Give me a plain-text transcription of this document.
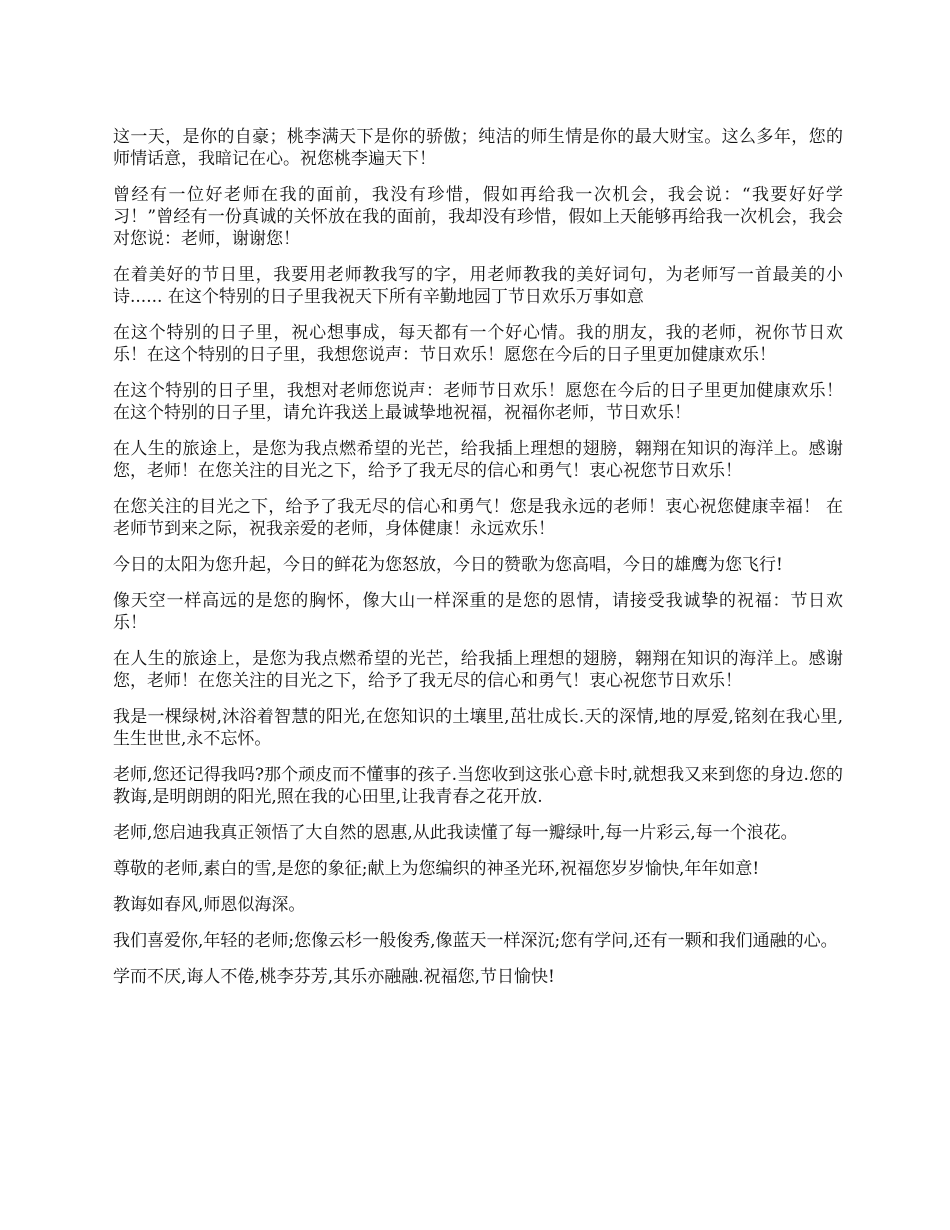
这一天，是你的自豪；桃李满天下是你的骄傲；纯洁的师生情是你的最大财宝。这么多年，您的师情话意，我暗记在心。祝您桃李遍天下！

曾经有一位好老师在我的面前，我没有珍惜，假如再给我一次机会，我会说：“我要好好学习！”曾经有一份真诚的关怀放在我的面前，我却没有珍惜，假如上天能够再给我一次机会，我会对您说：老师，谢谢您！

在着美好的节日里，我要用老师教我写的字，用老师教我的美好词句，为老师写一首最美的小诗...... 在这个特别的日子里我祝天下所有辛勤地园丁节日欢乐万事如意

在这个特别的日子里，祝心想事成，每天都有一个好心情。我的朋友，我的老师，祝你节日欢乐！在这个特别的日子里，我想您说声：节日欢乐！愿您在今后的日子里更加健康欢乐！

在这个特别的日子里，我想对老师您说声：老师节日欢乐！愿您在今后的日子里更加健康欢乐！在这个特别的日子里，请允许我送上最诚挚地祝福，祝福你老师，节日欢乐！

在人生的旅途上，是您为我点燃希望的光芒，给我插上理想的翅膀，翱翔在知识的海洋上。感谢您，老师！在您关注的目光之下，给予了我无尽的信心和勇气！衷心祝您节日欢乐！

在您关注的目光之下，给予了我无尽的信心和勇气！您是我永远的老师！衷心祝您健康幸福！ 在老师节到来之际，祝我亲爱的老师，身体健康！永远欢乐！

今日的太阳为您升起，今日的鲜花为您怒放，今日的赞歌为您高唱，今日的雄鹰为您飞行!

像天空一样高远的是您的胸怀，像大山一样深重的是您的恩情，请接受我诚挚的祝福：节日欢乐！

在人生的旅途上，是您为我点燃希望的光芒，给我插上理想的翅膀，翱翔在知识的海洋上。感谢您，老师！在您关注的目光之下，给予了我无尽的信心和勇气！衷心祝您节日欢乐！

我是一棵绿树,沐浴着智慧的阳光,在您知识的土壤里,茁壮成长.天的深情,地的厚爱,铭刻在我心里,生生世世,永不忘怀。

老师,您还记得我吗?那个顽皮而不懂事的孩子.当您收到这张心意卡时,就想我又来到您的身边.您的教诲,是明朗朗的阳光,照在我的心田里,让我青春之花开放.

老师,您启迪我真正领悟了大自然的恩惠,从此我读懂了每一瓣绿叶,每一片彩云,每一个浪花。

尊敬的老师,素白的雪,是您的象征;献上为您编织的神圣光环,祝福您岁岁愉快,年年如意!

教诲如春风,师恩似海深。

我们喜爱你,年轻的老师;您像云杉一般俊秀,像蓝天一样深沉;您有学问,还有一颗和我们通融的心。

学而不厌,诲人不倦,桃李芬芳,其乐亦融融.祝福您,节日愉快!
